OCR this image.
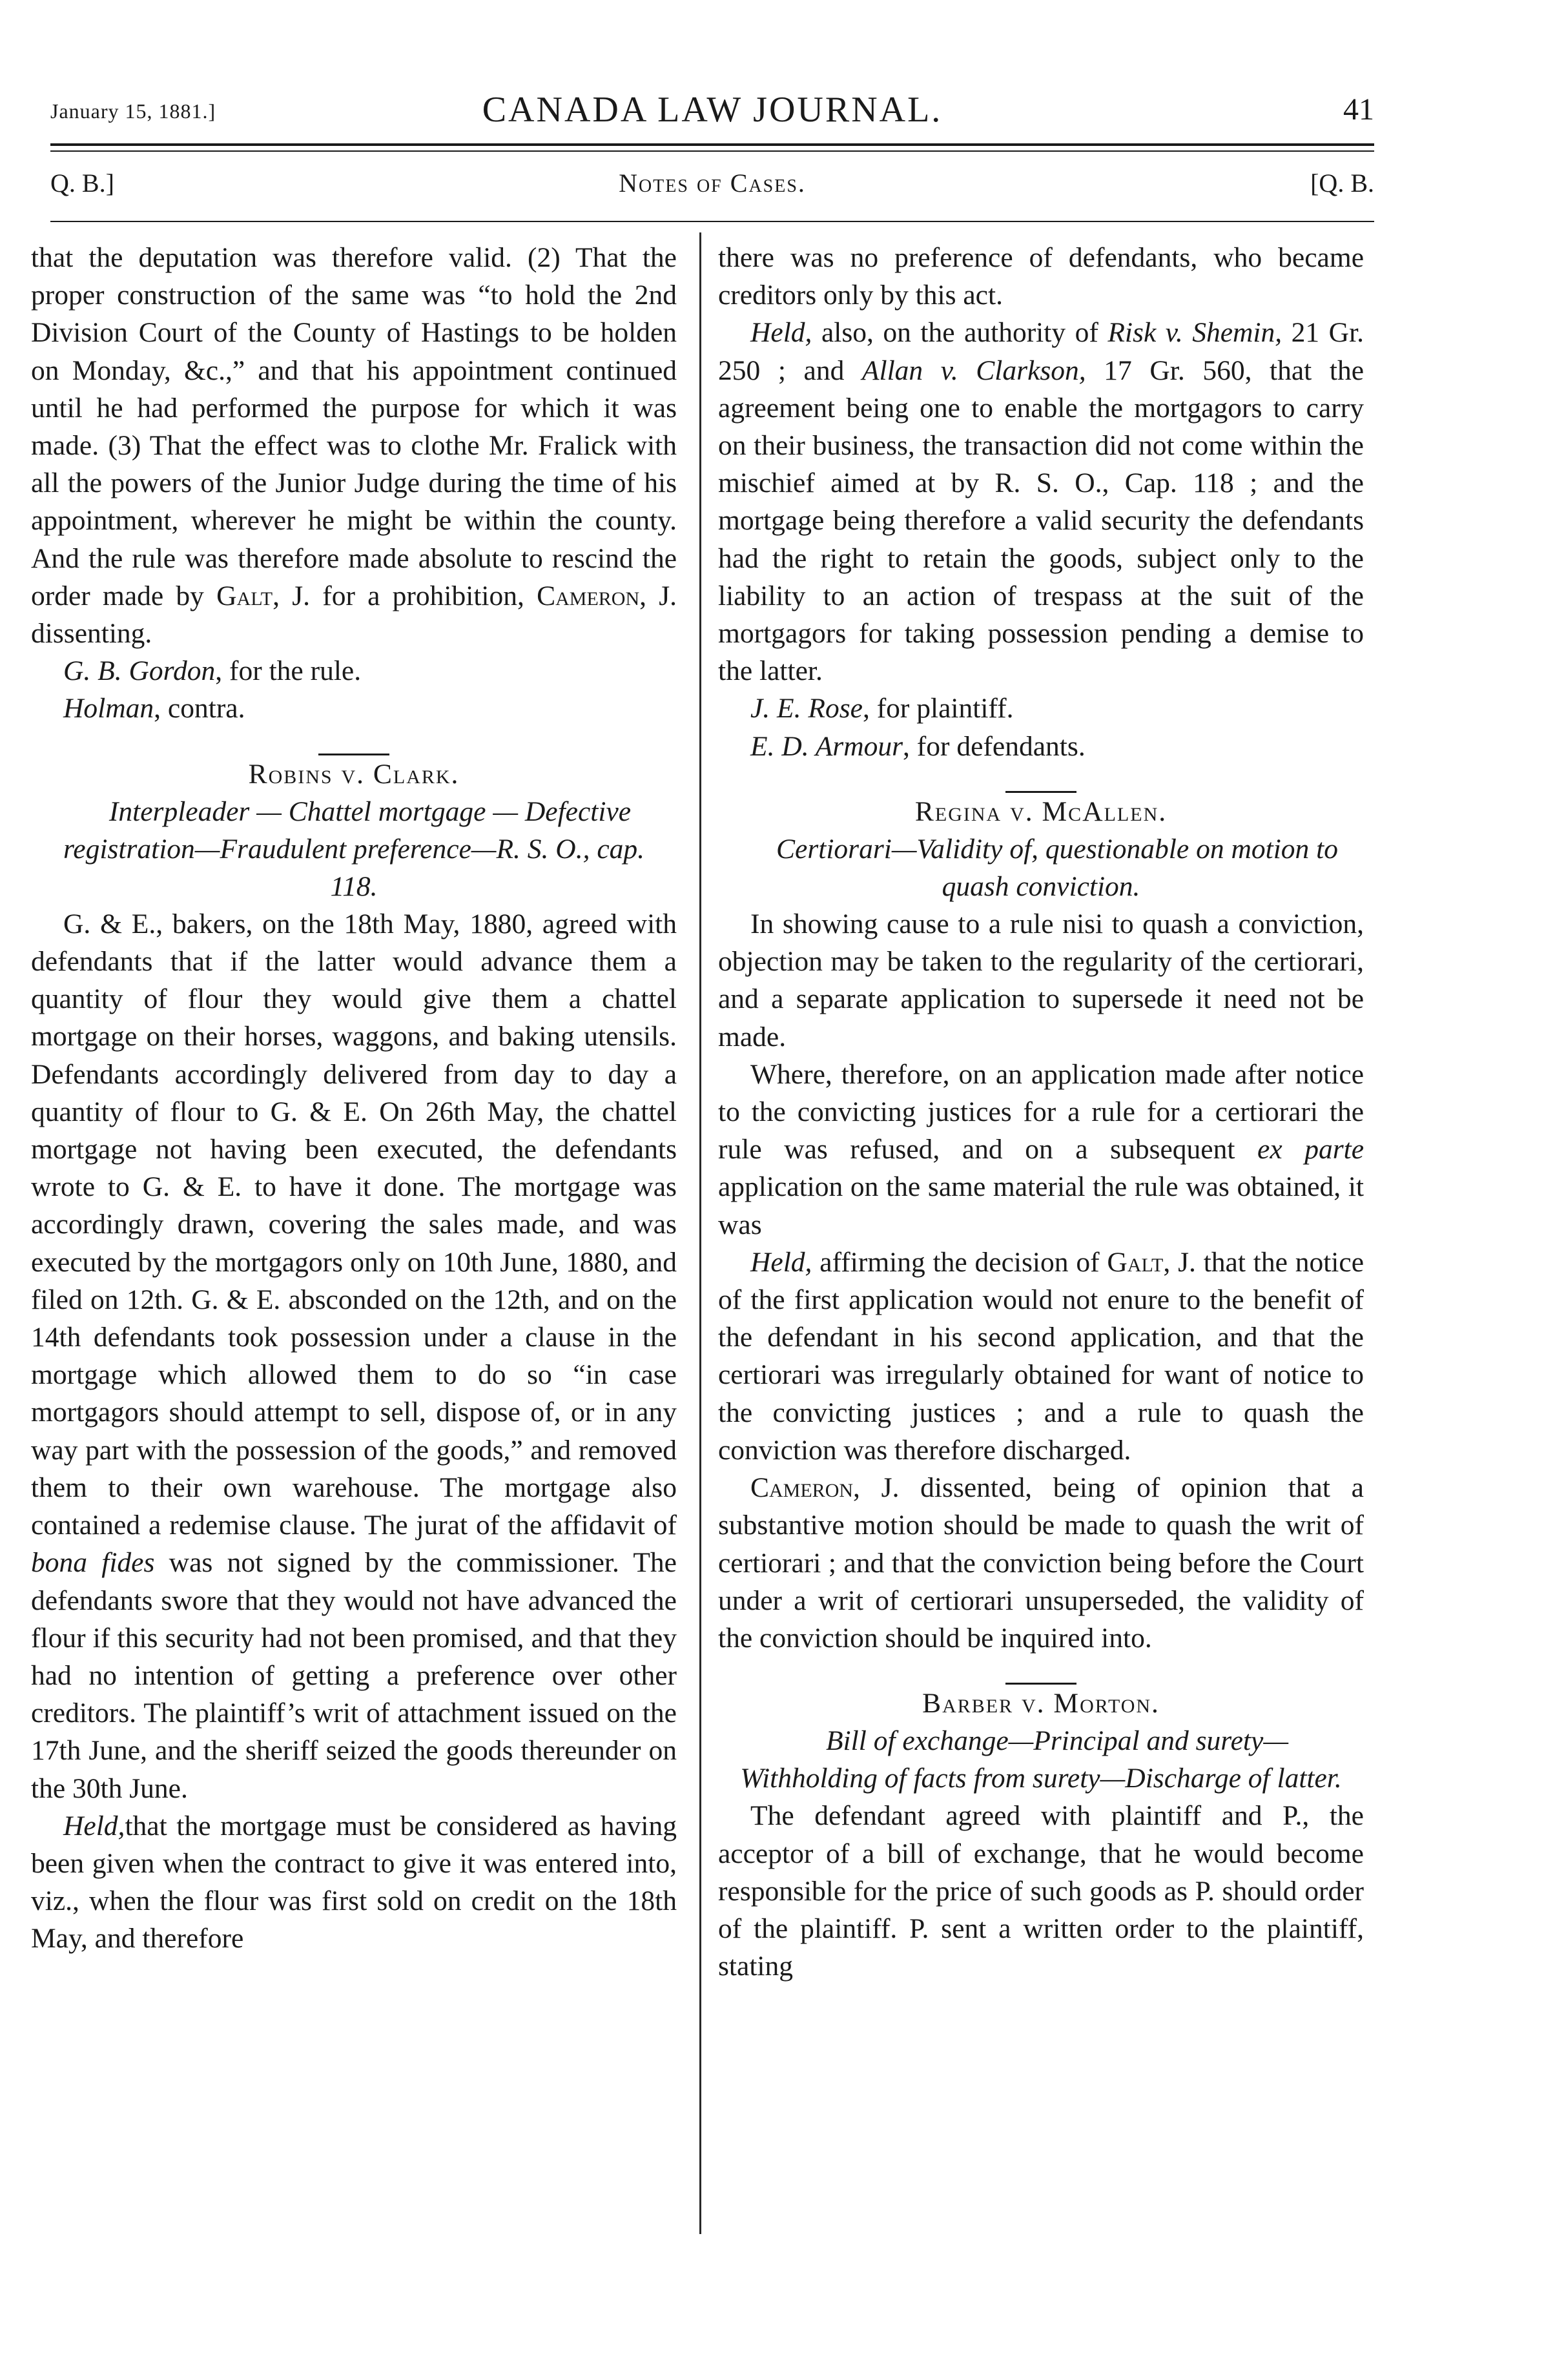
January 15, 1881.]	CANADA LAW JOURNAL.	41
Q. B.]	Notes of Cases.	[Q. B.

that the deputation was therefore valid. (2) That the proper construction of the same was “to hold the 2nd Division Court of the County of Hastings to be holden on Monday, &c.,” and that his appointment continued until he had performed the purpose for which it was made. (3) That the effect was to clothe Mr. Fralick with all the powers of the Junior Judge during the time of his appointment, wherever he might be within the county. And the rule was therefore made absolute to rescind the order made by Galt, J. for a prohibition, Cameron, J. dissenting.

G. B. Gordon, for the rule.

Holman, contra.

Robins v. Clark.

Interpleader — Chattel mortgage — Defective registration—Fraudulent preference—R. S. O., cap. 118.

G. & E., bakers, on the 18th May, 1880, agreed with defendants that if the latter would advance them a quantity of flour they would give them a chattel mortgage on their horses, waggons, and baking utensils. Defendants accordingly delivered from day to day a quantity of flour to G. & E. On 26th May, the chattel mortgage not having been executed, the defendants wrote to G. & E. to have it done. The mortgage was accordingly drawn, covering the sales made, and was executed by the mortgagors only on 10th June, 1880, and filed on 12th. G. & E. absconded on the 12th, and on the 14th defendants took possession under a clause in the mortgage which allowed them to do so “in case mortgagors should attempt to sell, dispose of, or in any way part with the possession of the goods,” and removed them to their own warehouse. The mortgage also contained a redemise clause. The jurat of the affidavit of bona fides was not signed by the commissioner. The defendants swore that they would not have advanced the flour if this security had not been promised, and that they had no intention of getting a preference over other creditors. The plaintiff’s writ of attachment issued on the 17th June, and the sheriff seized the goods thereunder on the 30th June.

Held,that the mortgage must be considered as having been given when the contract to give it was entered into, viz., when the flour was first sold on credit on the 18th May, and therefore

there was no preference of defendants, who became creditors only by this act.

Held, also, on the authority of Risk v. Shemin, 21 Gr. 250 ; and Allan v. Clarkson, 17 Gr. 560, that the agreement being one to enable the mortgagors to carry on their business, the transaction did not come within the mischief aimed at by R. S. O., Cap. 118 ; and the mortgage being therefore a valid security the defendants had the right to retain the goods, subject only to the liability to an action of trespass at the suit of the mortgagors for taking possession pending a demise to the latter.

J. E. Rose, for plaintiff.

E. D. Armour, for defendants.

Regina v. McAllen.

Certiorari—Validity of, questionable on motion to quash conviction.

In showing cause to a rule nisi to quash a conviction, objection may be taken to the regularity of the certiorari, and a separate application to supersede it need not be made.

Where, therefore, on an application made after notice to the convicting justices for a rule for a certiorari the rule was refused, and on a subsequent ex parte application on the same material the rule was obtained, it was

Held, affirming the decision of Galt, J. that the notice of the first application would not enure to the benefit of the defendant in his second application, and that the certiorari was irregularly obtained for want of notice to the convicting justices ; and a rule to quash the conviction was therefore discharged.

Cameron, J. dissented, being of opinion that a substantive motion should be made to quash the writ of certiorari ; and that the conviction being before the Court under a writ of certiorari unsuperseded, the validity of the conviction should be inquired into.

Barber v. Morton.

Bill of exchange—Principal and surety—Withholding of facts from surety—Discharge of latter.

The defendant agreed with plaintiff and P., the acceptor of a bill of exchange, that he would become responsible for the price of such goods as P. should order of the plaintiff. P. sent a written order to the plaintiff, stating
